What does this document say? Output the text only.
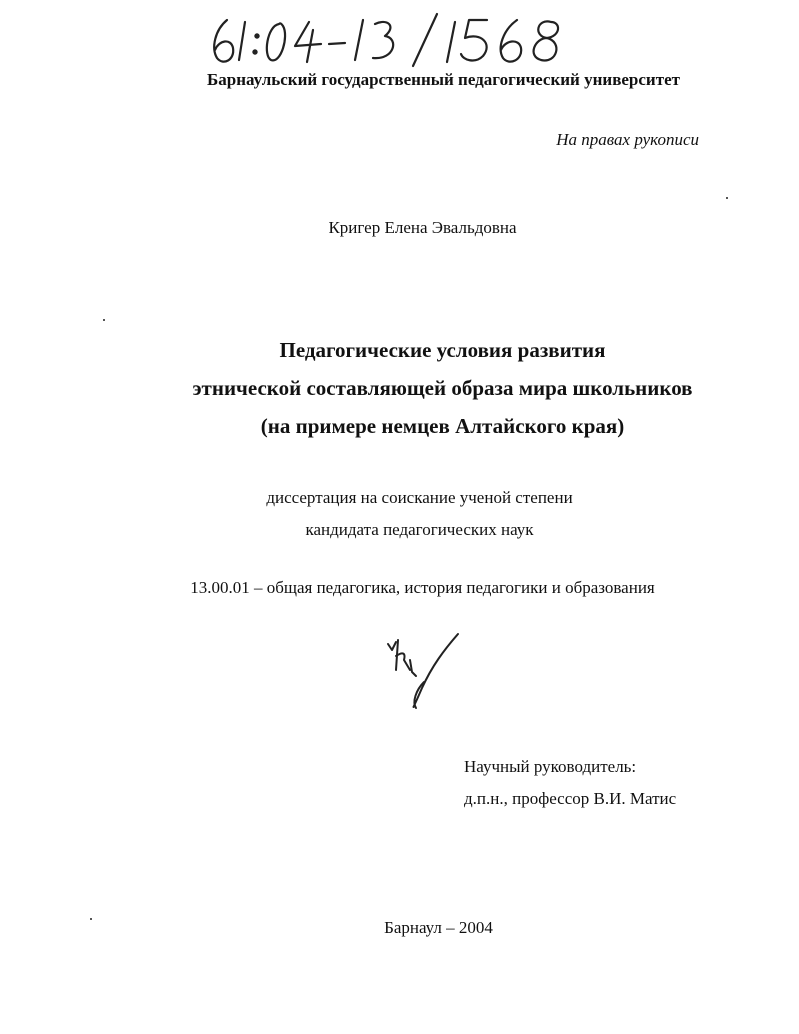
Барнаульский государственный педагогический университет
На правах рукописи
Кригер Елена Эвальдовна
Педагогические условия развития
этнической составляющей образа мира школьников
(на примере немцев Алтайского края)
диссертация на соискание ученой степени
кандидата педагогических наук
13.00.01 – общая педагогика, история педагогики и образования
Научный руководитель:
д.п.н., профессор В.И. Матис
Барнаул – 2004
